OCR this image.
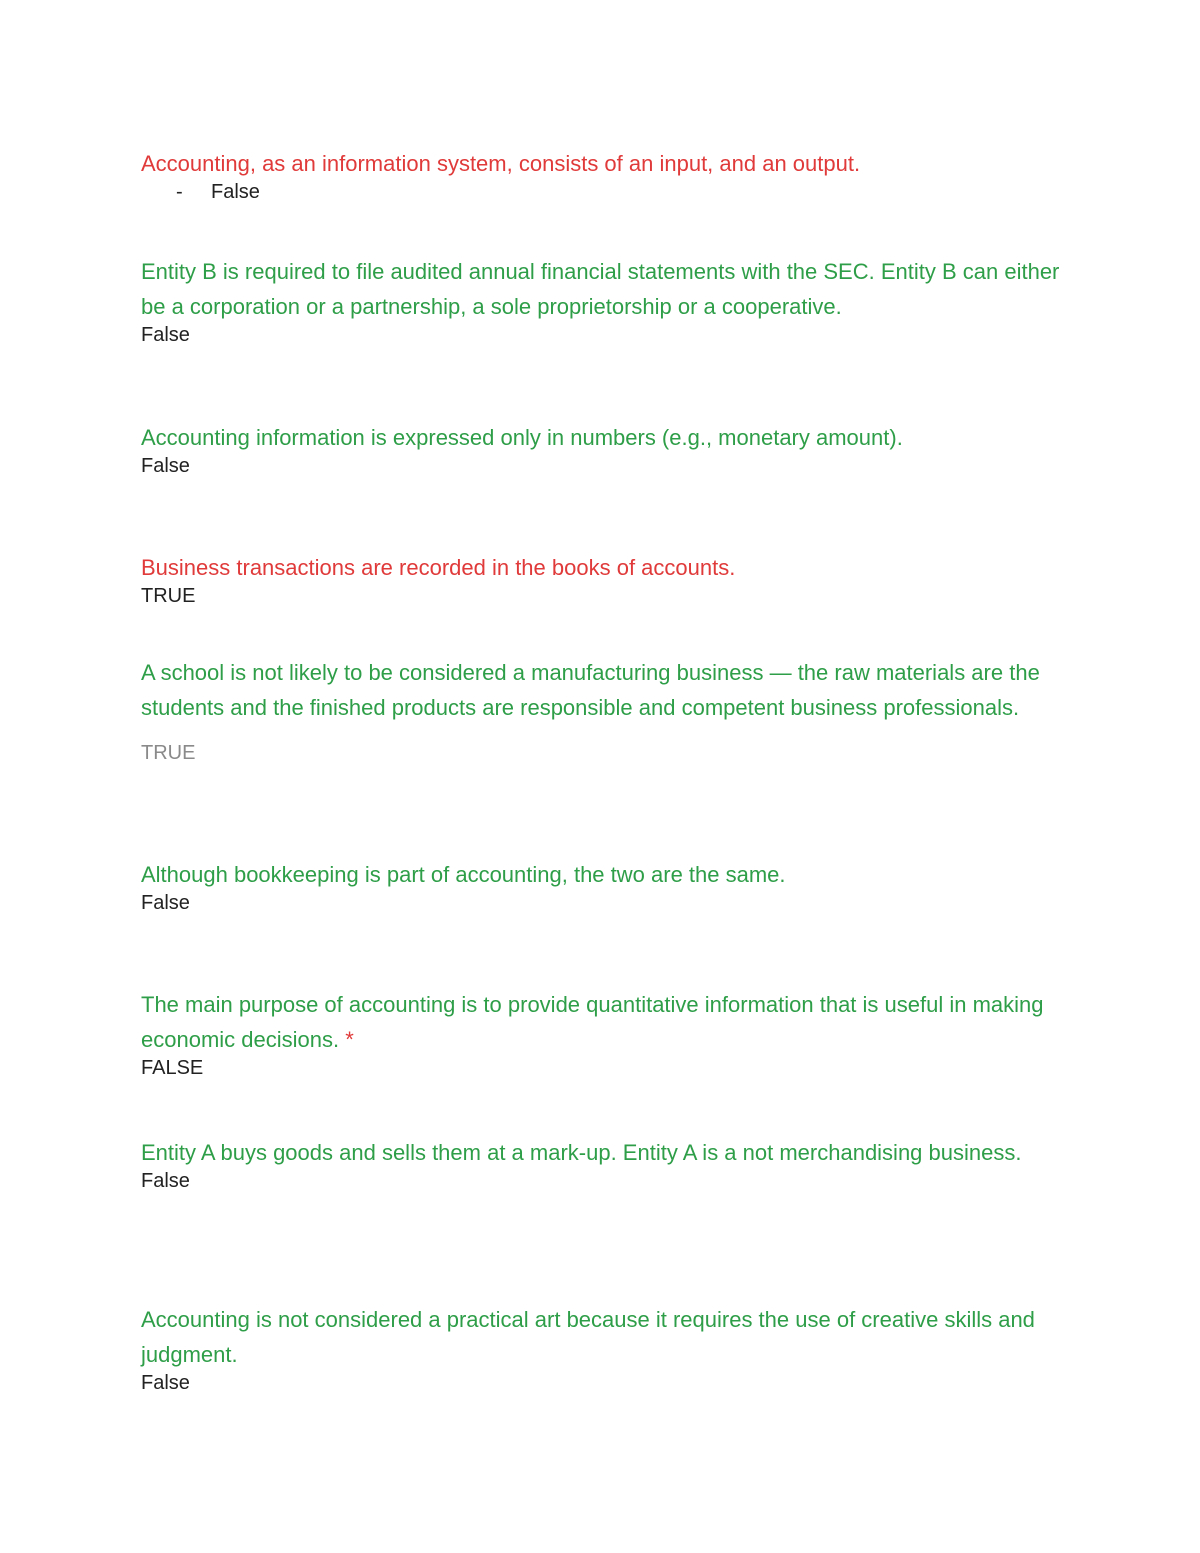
Accounting, as an information system, consists of an input, and an output.

-	False

Entity B is required to file audited annual financial statements with the SEC. Entity B can either be a corporation or a partnership, a sole proprietorship or a cooperative.

False

Accounting information is expressed only in numbers (e.g., monetary amount).

False

Business transactions are recorded in the books of accounts.

TRUE

A school is not likely to be considered a manufacturing business — the raw materials are the students and the finished products are responsible and competent business professionals.

TRUE

Although bookkeeping is part of accounting, the two are the same.

False

The main purpose of accounting is to provide quantitative information that is useful in making economic decisions. *

FALSE

Entity A buys goods and sells them at a mark-up. Entity A is a not merchandising business.

False

Accounting is not considered a practical art because it requires the use of creative skills and judgment.

False
